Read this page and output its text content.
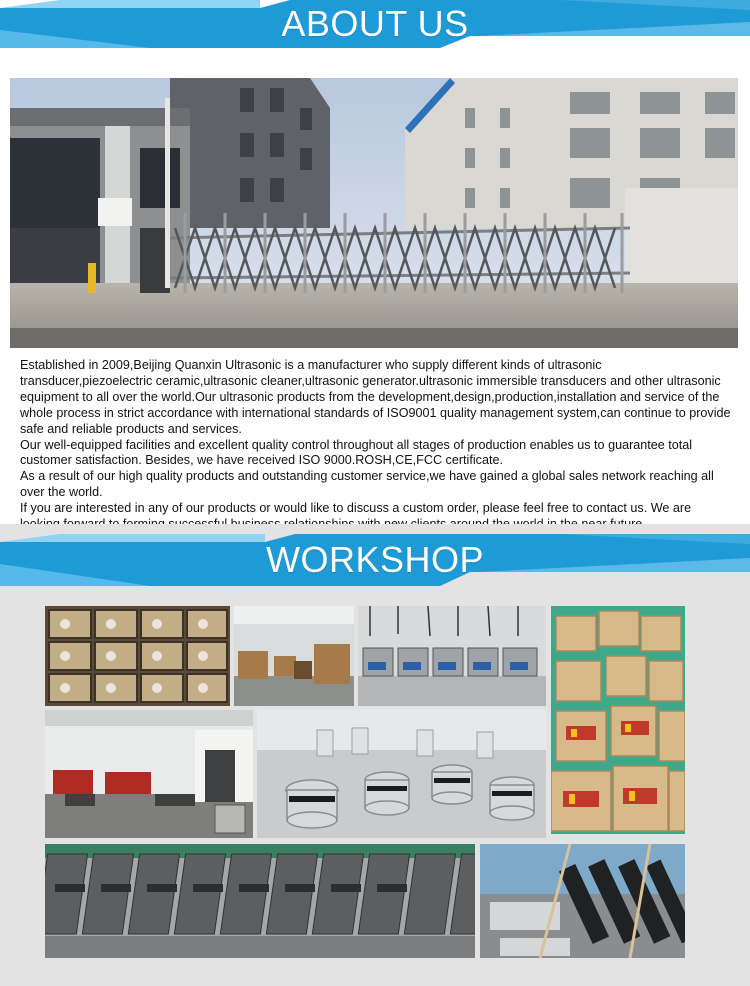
ABOUT US

Established in 2009,Beijing Quanxin Ultrasonic is a manufacturer who supply different kinds of ultrasonic transducer,piezoelectric ceramic,ultrasonic cleaner,ultrasonic generator.ultrasonic immersible transducers and other ultrasonic equipment to all over the world.Our ultrasonic products from the development,design,production,installation and service of the whole process in strict accordance with international standards of ISO9001 quality management system,can continue to provide safe and reliable products and services.

Our well-equipped facilities and excellent quality control throughout all stages of production enables us to guarantee total customer satisfaction. Besides, we have received ISO 9000.ROSH,CE,FCC certificate.

As a result of our high quality products and outstanding customer service,we have gained a global sales network reaching all over the world.

If you are interested in any of our products or would like to discuss a custom order, please feel free to contact us. We are

WORKSHOP
